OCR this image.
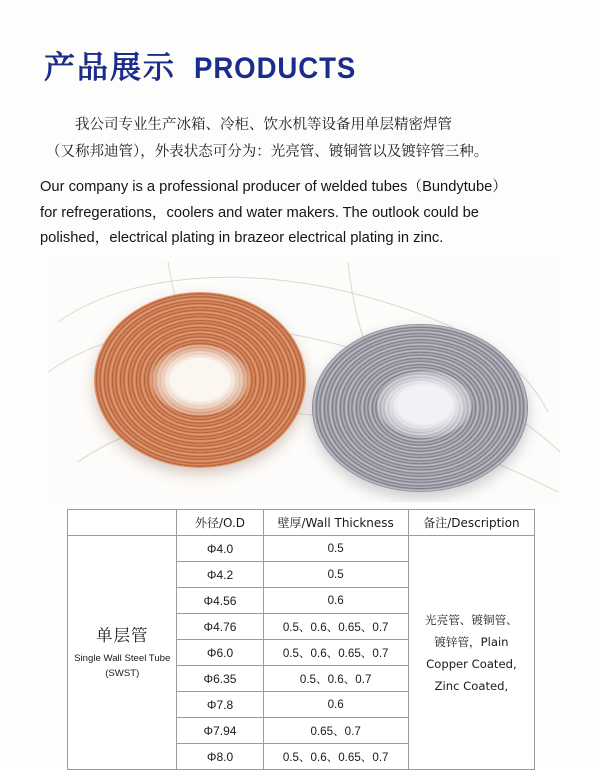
产品展示 PRODUCTS
我公司专业生产冰箱、冷柜、饮水机等设备用单层精密焊管
（又称邦迪管），外表状态可分为：光亮管、镀铜管以及镀锌管三种。
Our company is a professional producer of welded tubes（Bundytube）
for refregerations，coolers and water makers. The outlook could be
polished，electrical plating in brazeor electrical plating in zinc.
	外径/O.D	壁厚/Wall Thickness	备注/Description

单层管
Single Wall Steel Tube
(SWST)	Φ4.0	0.5	光亮管、镀铜管、
镀锌管，Plain
Copper Coated,
Zinc Coated,

	Φ4.2	0.5	
	Φ4.56	0.6	
	Φ4.76	0.5、0.6、0.65、0.7	
	Φ6.0	0.5、0.6、0.65、0.7	
	Φ6.35	0.5、0.6、0.7	
	Φ7.8	0.6	
	Φ7.94	0.65、0.7	
	Φ8.0	0.5、0.6、0.65、0.7	
